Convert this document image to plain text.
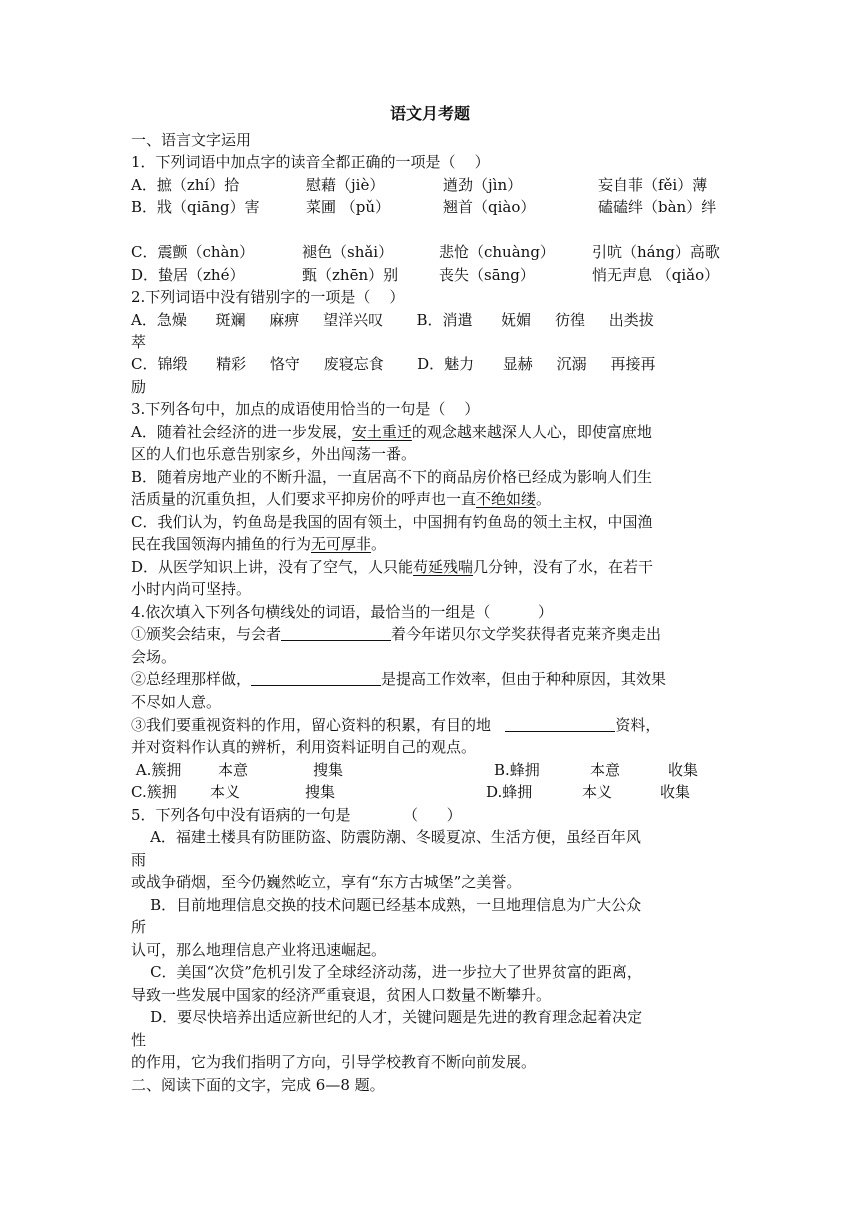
语文月考题
一、语言文字运用
1．下列词语中加点字的读音全都正确的一项是（    ）
A．摭（zhí）拾	慰藉（jiè）	遒劲（jìn）	妄自菲（fěi）薄
B．戕（qiāng）害	菜圃 （pǔ）	翘首（qiào）	磕磕绊（bàn）绊
C．震颤（chàn）	褪色（shǎi）	悲怆（chuàng） 引吭（háng）高歌
D．蛰居（zhé）	甄（zhēn）别	丧失（sāng）	悄无声息 （qiǎo）
2.下列词语中没有错别字的一项是（    ）
A．急燥      斑斓     麻痹     望洋兴叹       B．消遣      妩媚     彷徨     出类拔
萃
C．锦缎      精彩     恪守     废寝忘食       D．魅力      显赫     沉溺     再接再
励
3.下列各句中，加点的成语使用恰当的一句是（    ）
A．随着社会经济的进一步发展，安土重迁的观念越来越深人人心，即使富庶地
区的人们也乐意告别家乡，外出闯荡一番。
B．随着房地产业的不断升温，一直居高不下的商品房价格已经成为影响人们生
活质量的沉重负担，人们要求平抑房价的呼声也一直不绝如缕。
C．我们认为，钓鱼岛是我国的固有领土，中国拥有钓鱼岛的领土主权，中国渔
民在我国领海内捕鱼的行为无可厚非。
D．从医学知识上讲，没有了空气，人只能苟延残喘几分钟，没有了水，在若干
小时内尚可坚持。
4.依次填入下列各句横线处的词语，最恰当的一组是（          ）
①颁奖会结束，与会者	着今年诺贝尔文学奖获得者克莱齐奥走出
会场。
②总经理那样做，	是提高工作效率，但由于种种原因，其效果
不尽如人意。
③我们要重视资料的作用，留心资料的积累，有目的地	资料，
并对资料作认真的辨析，利用资料证明自己的观点。
A.簇拥 本意	搜集	B.蜂拥	本意	收集
C.簇拥 本义	搜集	D.蜂拥	本义	收集
5．下列各句中没有语病的一句是           （      ）
A．福建土楼具有防匪防盗、防震防潮、冬暖夏凉、生活方便，虽经百年风
雨
或战争硝烟，至今仍巍然屹立，享有“东方古城堡”之美誉。
B．目前地理信息交换的技术问题已经基本成熟，一旦地理信息为广大公众
所
认可，那么地理信息产业将迅速崛起。
C．美国“次贷”危机引发了全球经济动荡，进一步拉大了世界贫富的距离，
导致一些发展中国家的经济严重衰退，贫困人口数量不断攀升。
D．要尽快培养出适应新世纪的人才，关键问题是先进的教育理念起着决定
性
的作用，它为我们指明了方向，引导学校教育不断向前发展。
二、阅读下面的文字，完成 6—8 题。
